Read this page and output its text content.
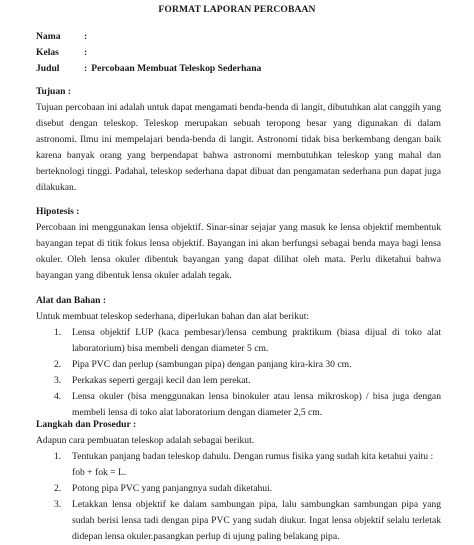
FORMAT LAPORAN PERCOBAAN
Nama	:
Kelas	:
Judul	: Percobaan Membuat Teleskop Sederhana
Tujuan :
Tujuan percobaan ini adalah untuk dapat mengamati benda-benda di langit, dibutuhkan alat canggih yang disebut dengan teleskop. Teleskop merupakan sebuah teropong besar yang digunakan di dalam astronomi. Ilmu ini mempelajari benda-benda di langit. Astronomi tidak bisa berkembang dengan baik karena banyak orang yang berpendapat bahwa astronomi membutuhkan teleskop yang mahal dan berteknologi tinggi. Padahal, teleskop sederhana dapat dibuat dan pengamatan sederhana pun dapat juga dilakukan.
Hipotesis :
Percobaan ini menggunakan lensa objektif. Sinar-sinar sejajar yang masuk ke lensa objektif membentuk bayangan tepat di titik fokus lensa objektif. Bayangan ini akan berfungsi sebagai benda maya bagi lensa okuler. Oleh lensa okuler dibentuk bayangan yang dapat dilihat oleh mata. Perlu diketahui bahwa bayangan yang dibentuk lensa okuler adalah tegak.
Alat dan Bahan :
Untuk membuat teleskop sederhana, diperlukan bahan dan alat berikut:
1. Lensa objektif LUP (kaca pembesar)/lensa cembung praktikum (biasa dijual di toko alat laboratorium) bisa membeli dengan diameter 5 cm.
2. Pipa PVC dan perlup (sambungan pipa) dengan panjang kira-kira 30 cm.
3. Perkakas seperti gergaji kecil dan lem perekat.
4. Lensa okuler (bisa menggunakan lensa binokuler atau lensa mikroskop) / bisa juga dengan membeli lensa di toko alat laboratorium dengan diameter 2,5 cm.
Langkah dan Prosedur :
Adapun cara pembuatan teleskop adalah sebagai berikut.
1. Tentukan panjang badan teleskop dahulu. Dengan rumus fisika yang sudah kita ketahui yaitu :
fob + fok = L.
2. Potong pipa PVC yang panjangnya sudah diketahui.
3. Letakkan lensa objektif ke dalam sambungan pipa, lalu sambungkan sambungan pipa yang sudah berisi lensa tadi dengan pipa PVC yang sudah diukur. Ingat lensa objektif selalu terletak didepan lensa okuler.pasangkan perlup di ujung paling belakang pipa.
